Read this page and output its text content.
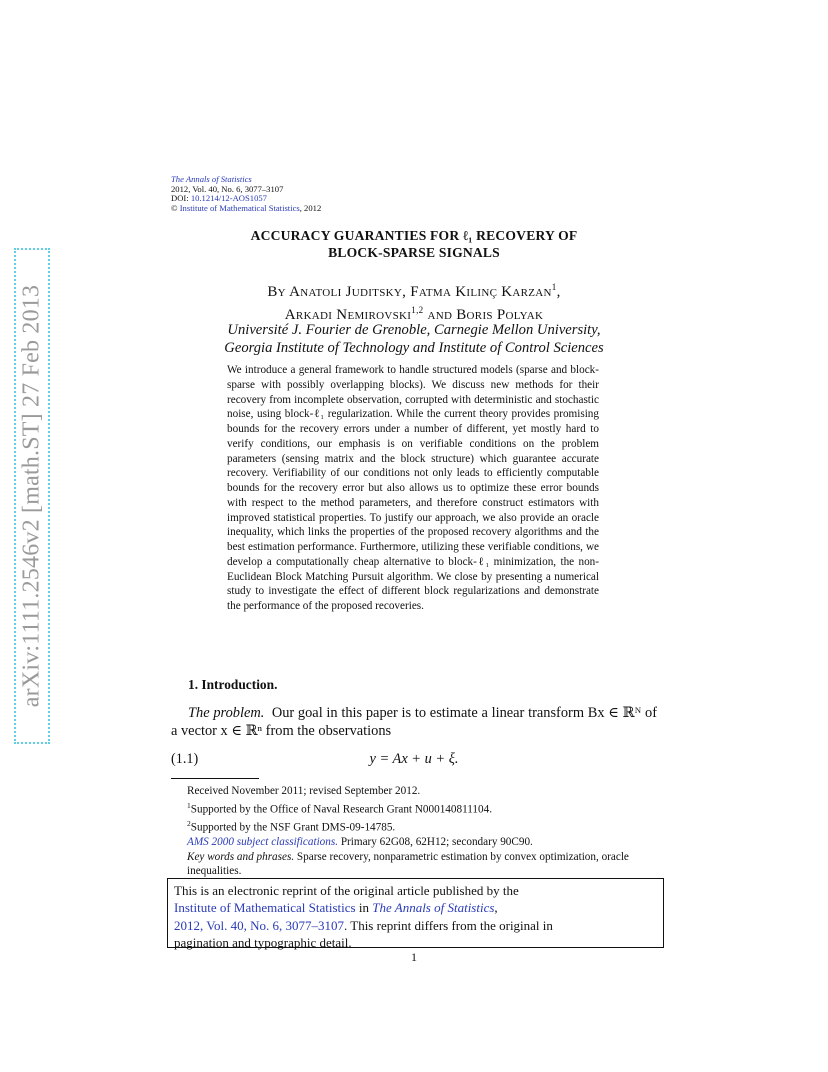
arXiv:1111.2546v2 [math.ST] 27 Feb 2013
The Annals of Statistics
2012, Vol. 40, No. 6, 3077–3107
DOI: 10.1214/12-AOS1057
© Institute of Mathematical Statistics, 2012
ACCURACY GUARANTIES FOR ℓ₁ RECOVERY OF
BLOCK-SPARSE SIGNALS
By Anatoli Juditsky, Fatma Kılınç Karzan$^1$,
Arkadi Nemirovski$^{1,2}$ and Boris Polyak
Université J. Fourier de Grenoble, Carnegie Mellon University,
Georgia Institute of Technology and Institute of Control Sciences
We introduce a general framework to handle structured models (sparse and block-sparse with possibly overlapping blocks). We discuss new methods for their recovery from incomplete observation, corrupted with deterministic and stochastic noise, using block-ℓ₁ regularization. While the current theory provides promising bounds for the recovery errors under a number of different, yet mostly hard to verify conditions, our emphasis is on verifiable conditions on the problem parameters (sensing matrix and the block structure) which guarantee accurate recovery. Verifiability of our conditions not only leads to efficiently computable bounds for the recovery error but also allows us to optimize these error bounds with respect to the method parameters, and therefore construct estimators with improved statistical properties. To justify our approach, we also provide an oracle inequality, which links the properties of the proposed recovery algorithms and the best estimation performance. Furthermore, utilizing these verifiable conditions, we develop a computationally cheap alternative to block-ℓ₁ minimization, the non-Euclidean Block Matching Pursuit algorithm. We close by presenting a numerical study to investigate the effect of different block regularizations and demonstrate the performance of the proposed recoveries.
1. Introduction.
The problem. Our goal in this paper is to estimate a linear transform Bx ∈ ℝᴺ of a vector x ∈ ℝⁿ from the observations
y = Ax + u + ξ.
(1.1)
Received November 2011; revised September 2012.
$^1$Supported by the Office of Naval Research Grant N000140811104.
$^2$Supported by the NSF Grant DMS-09-14785.
AMS 2000 subject classifications. Primary 62G08, 62H12; secondary 90C90.
Key words and phrases. Sparse recovery, nonparametric estimation by convex optimization, oracle inequalities.
This is an electronic reprint of the original article published by the
Institute of Mathematical Statistics in The Annals of Statistics,
2012, Vol. 40, No. 6, 3077–3107. This reprint differs from the original in
pagination and typographic detail.
1
